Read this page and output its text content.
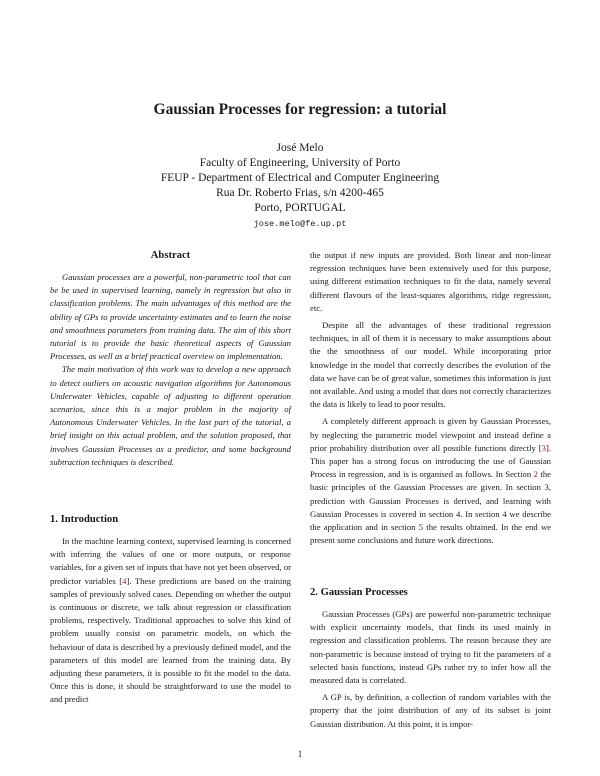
Gaussian Processes for regression: a tutorial
José Melo
Faculty of Engineering, University of Porto
FEUP - Department of Electrical and Computer Engineering
Rua Dr. Roberto Frias, s/n 4200-465
Porto, PORTUGAL
jose.melo@fe.up.pt
Abstract

Gaussian processes are a powerful, non-parametric tool that can be be used in supervised learning, namely in regression but also in classification problems. The main advantages of this method are the ability of GPs to provide uncertainty estimates and to learn the noise and smoothness parameters from training data. The aim of this short tutorial is to provide the basic theoretical aspects of Gaussian Processes, as well as a brief practical overview on implementation.

The main motivation of this work was to develop a new approach to detect outliers on acoustic navigation algorithms for Autonomous Underwater Vehicles, capable of adjusting to different operation scenarios, since this is a major problem in the majority of Autonomous Underwater Vehicles. In the last part of the tutorial, a brief insight on this actual problem, and the solution proposed, that involves Gaussian Processes as a predictor, and some background subtraction techniques is described.

1. Introduction

In the machine learning context, supervised learning is concerned with inferring the values of one or more outputs, or response variables, for a given set of inputs that have not yet been observed, or predictor variables [4]. These predictions are based on the training samples of previously solved cases. Depending on whether the output is continuous or discrete, we talk about regression or classification problems, respectively. Traditional approaches to solve this kind of problem usually consist on parametric models, on which the behaviour of data is described by a previously defined model, and the parameters of this model are learned from the training data. By adjusting these parameters, it is possible to fit the model to the data. Once this is done, it should be straightforward to use the model to and predict

the output if new inputs are provided. Both linear and non-linear regression techniques have been extensively used for this purpose, using different estimation techniques to fit the data, namely several different flavours of the least-squares algorithms, ridge regression, etc.

Despite all the advantages of these traditional regression techniques, in all of them it is necessary to make assumptions about the the smoothness of our model. While incorporating prior knowledge in the model that correctly describes the evolution of the data we have can be of great value, sometimes this information is just not available. And using a model that does not correctly characterizes the data is likely to lead to poor results.

A completely different approach is given by Gaussian Processes, by neglecting the parametric model viewpoint and instead define a prior probability distribution over all possible functions directly [3]. This paper has a strong focus on introducing the use of Gaussian Process in regression, and is is organised as follows. In Section 2 the basic principles of the Gaussian Processes are given. In section 3, prediction with Gaussian Processes is derived, and learning with Gaussian Processes is covered in section 4. In section 4 we describe the application and in section 5 the results obtained. In the end we present some conclusions and future work directions.

2. Gaussian Processes

Gaussian Processes (GPs) are powerful non-parametric technique with explicit uncertainty models, that finds its used mainly in regression and classification problems. The reason because they are non-parametric is because instead of trying to fit the parameters of a selected basis functions, instead GPs rather try to infer how all the measured data is correlated.

A GP is, by definition, a collection of random variables with the property that the joint distribution of any of its subset is joint Gaussian distribution. At this point, it is impor-

1
